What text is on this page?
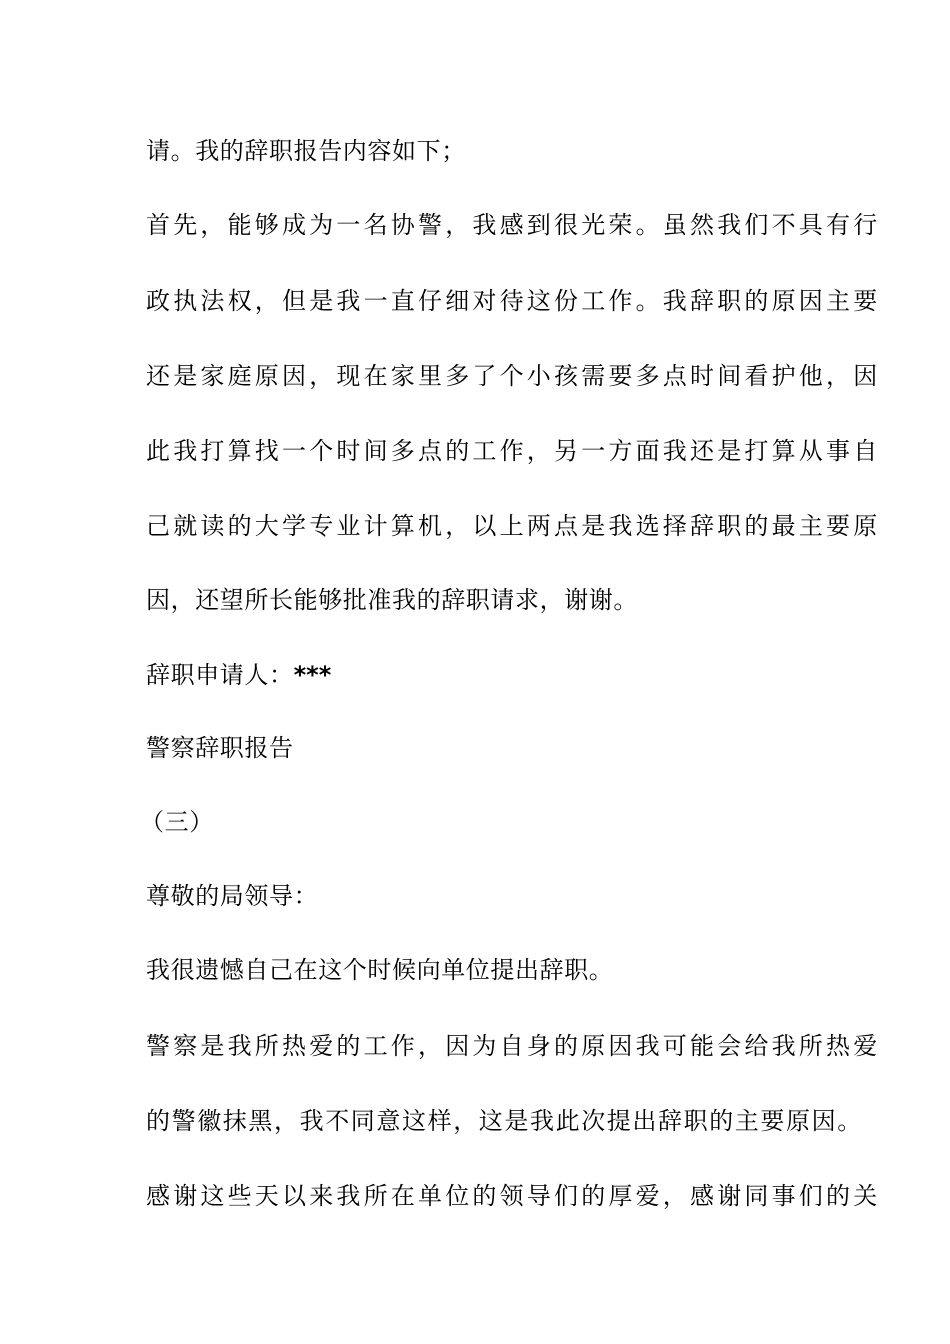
请。我的辞职报告内容如下；
首先，能够成为一名协警，我感到很光荣。虽然我们不具有行
政执法权，但是我一直仔细对待这份工作。我辞职的原因主要
还是家庭原因，现在家里多了个小孩需要多点时间看护他，因
此我打算找一个时间多点的工作，另一方面我还是打算从事自
己就读的大学专业计算机，以上两点是我选择辞职的最主要原
因，还望所长能够批准我的辞职请求，谢谢。
辞职申请人：***
警察辞职报告
（三）
尊敬的局领导：
我很遗憾自己在这个时候向单位提出辞职。
警察是我所热爱的工作，因为自身的原因我可能会给我所热爱
的警徽抹黑，我不同意这样，这是我此次提出辞职的主要原因。
感谢这些天以来我所在单位的领导们的厚爱，感谢同事们的关
